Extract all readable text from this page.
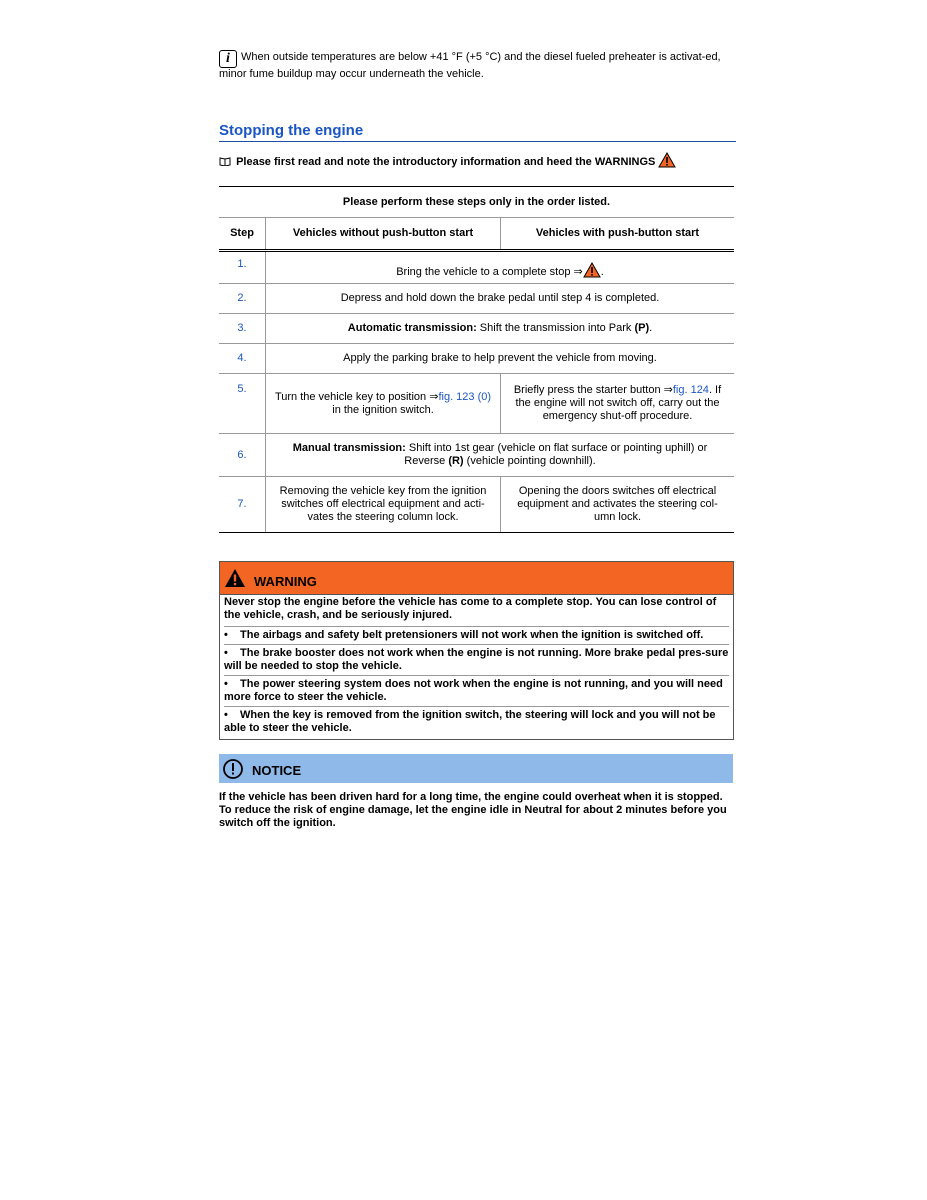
i When outside temperatures are below +41 °F (+5 °C) and the diesel fueled preheater is activat-ed, minor fume buildup may occur underneath the vehicle.
Stopping the engine
Please first read and note the introductory information and heed the WARNINGS
Please perform these steps only in the order listed.		
Step	Vehicles without push-button start	Vehicles with push-button start
1.	Bring the vehicle to a complete stop ⇒ .	
2.	Depress and hold down the brake pedal until step 4 is completed.	
3.	Automatic transmission: Shift the transmission into Park (P).	
4.	Apply the parking brake to help prevent the vehicle from moving.	
5.	Turn the vehicle key to position ⇒fig. 123 (0) in the ignition switch.	Briefly press the starter button ⇒fig. 124. If the engine will not switch off, carry out the emergency shut-off procedure.
6.	Manual transmission: Shift into 1st gear (vehicle on flat surface or pointing uphill) or Reverse (R) (vehicle pointing downhill).	
7.	Removing the vehicle key from the ignition switches off electrical equipment and acti-vates the steering column lock.	Opening the doors switches off electrical equipment and activates the steering col-umn lock.
WARNING

Never stop the engine before the vehicle has come to a complete stop. You can lose control of the vehicle, crash, and be seriously injured.

• The airbags and safety belt pretensioners will not work when the ignition is switched off.
• The brake booster does not work when the engine is not running. More brake pedal pres-sure will be needed to stop the vehicle.
• The power steering system does not work when the engine is not running, and you will need more force to steer the vehicle.
• When the key is removed from the ignition switch, the steering will lock and you will not be able to steer the vehicle.
NOTICE
If the vehicle has been driven hard for a long time, the engine could overheat when it is stopped. To reduce the risk of engine damage, let the engine idle in Neutral for about 2 minutes before you switch off the ignition.
